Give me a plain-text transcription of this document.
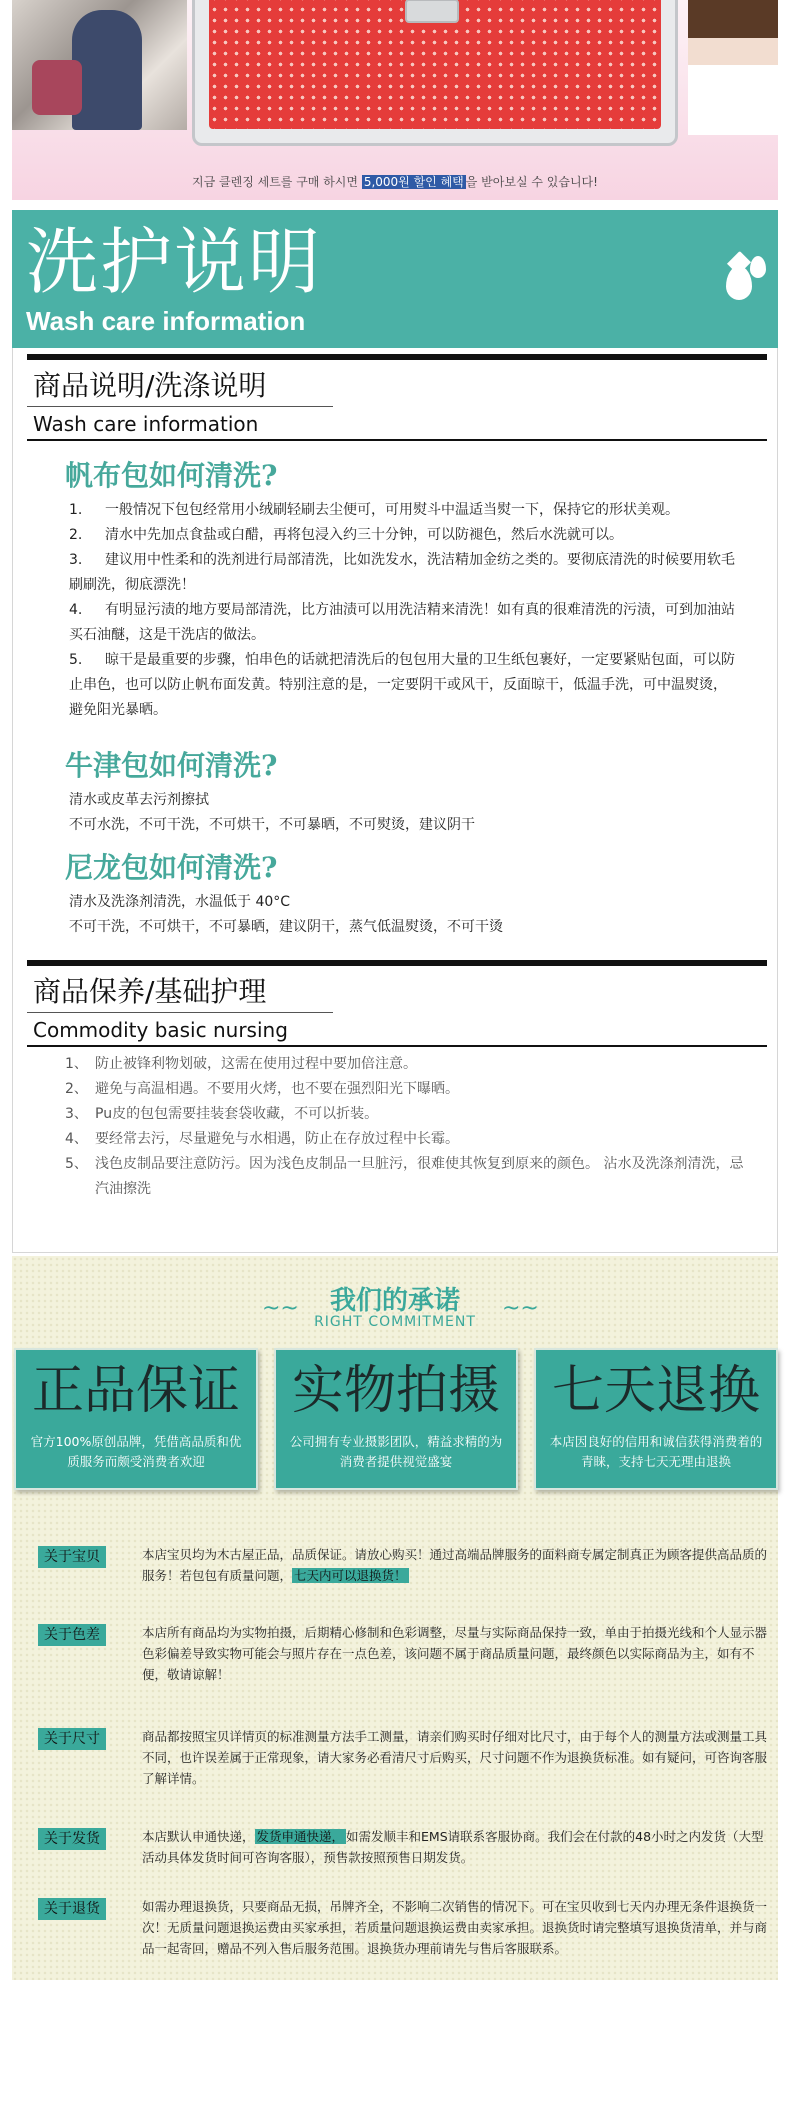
지금 클렌징 세트를 구매 하시면 5,000원 할인 혜택 을 받아보실 수 있습니다!
洗护说明
Wash care information
商品说明/洗涤说明
Wash care information
帆布包如何清洗?
1. 一般情况下包包经常用小绒刷轻刷去尘便可，可用熨斗中温适当熨一下，保持它的形状美观。
2. 清水中先加点食盐或白醋，再将包浸入约三十分钟，可以防褪色，然后水洗就可以。
3. 建议用中性柔和的洗剂进行局部清洗，比如洗发水，洗洁精加金纺之类的。要彻底清洗的时候要用软毛刷刷洗，彻底漂洗！
4. 有明显污渍的地方要局部清洗，比方油渍可以用洗洁精来清洗！如有真的很难清洗的污渍，可到加油站买石油醚，这是干洗店的做法。
5. 晾干是最重要的步骤，怕串色的话就把清洗后的包包用大量的卫生纸包裹好，一定要紧贴包面，可以防止串色，也可以防止帆布面发黄。特别注意的是，一定要阴干或风干，反面晾干，低温手洗，可中温熨烫，避免阳光暴晒。
牛津包如何清洗?
清水或皮革去污剂擦拭
不可水洗，不可干洗，不可烘干，不可暴晒，不可熨烫，建议阴干
尼龙包如何清洗?
清水及洗涤剂清洗，水温低于 40°C
不可干洗，不可烘干，不可暴晒，建议阴干，蒸气低温熨烫，不可干烫
商品保养/基础护理
Commodity basic nursing
1、 防止被锋利物划破，这需在使用过程中要加倍注意。
2、 避免与高温相遇。不要用火烤，也不要在强烈阳光下曝晒。
3、 Pu皮的包包需要挂装套袋收藏，不可以折装。
4、 要经常去污，尽量避免与水相遇，防止在存放过程中长霉。
5、 浅色皮制品要注意防污。因为浅色皮制品一旦脏污，很难使其恢复到原来的颜色。 沾水及洗涤剂清洗，忌汽油擦洗
~~	我们的承诺	~~
RIGHT COMMITMENT
正品保证
官方100%原创品牌，凭借高品质和优质服务而颇受消费者欢迎
实物拍摄
公司拥有专业摄影团队，精益求精的为消费者提供视觉盛宴
七天退换
本店因良好的信用和诚信获得消费着的青睐，支持七天无理由退换
关于宝贝	本店宝贝均为木古屋正品，品质保证。请放心购买！通过高端品牌服务的面料商专属定制真正为顾客提供高品质的服务！若包包有质量问题， 七天内可以退换货！
关于色差	本店所有商品均为实物拍摄，后期精心修制和色彩调整，尽量与实际商品保持一致，单由于拍摄光线和个人显示器色彩偏差导致实物可能会与照片存在一点色差，该问题不属于商品质量问题，最终颜色以实际商品为主，如有不便，敬请谅解！
关于尺寸	商品都按照宝贝详情页的标准测量方法手工测量，请亲们购买时仔细对比尺寸，由于每个人的测量方法或测量工具不同，也许误差属于正常现象，请大家务必看清尺寸后购买，尺寸问题不作为退换货标准。如有疑问，可咨询客服了解详情。
关于发货	本店默认申通快递， 发货申通快递， 如需发顺丰和EMS请联系客服协商。我们会在付款的48小时之内发货（大型活动具体发货时间可咨询客服），预售款按照预售日期发货。
关于退货	如需办理退换货，只要商品无损，吊牌齐全，不影响二次销售的情况下。可在宝贝收到七天内办理无条件退换货一次！无质量问题退换运费由买家承担，若质量问题退换运费由卖家承担。退换货时请完整填写退换货清单，并与商品一起寄回，赠品不列入售后服务范围。退换货办理前请先与售后客服联系。
